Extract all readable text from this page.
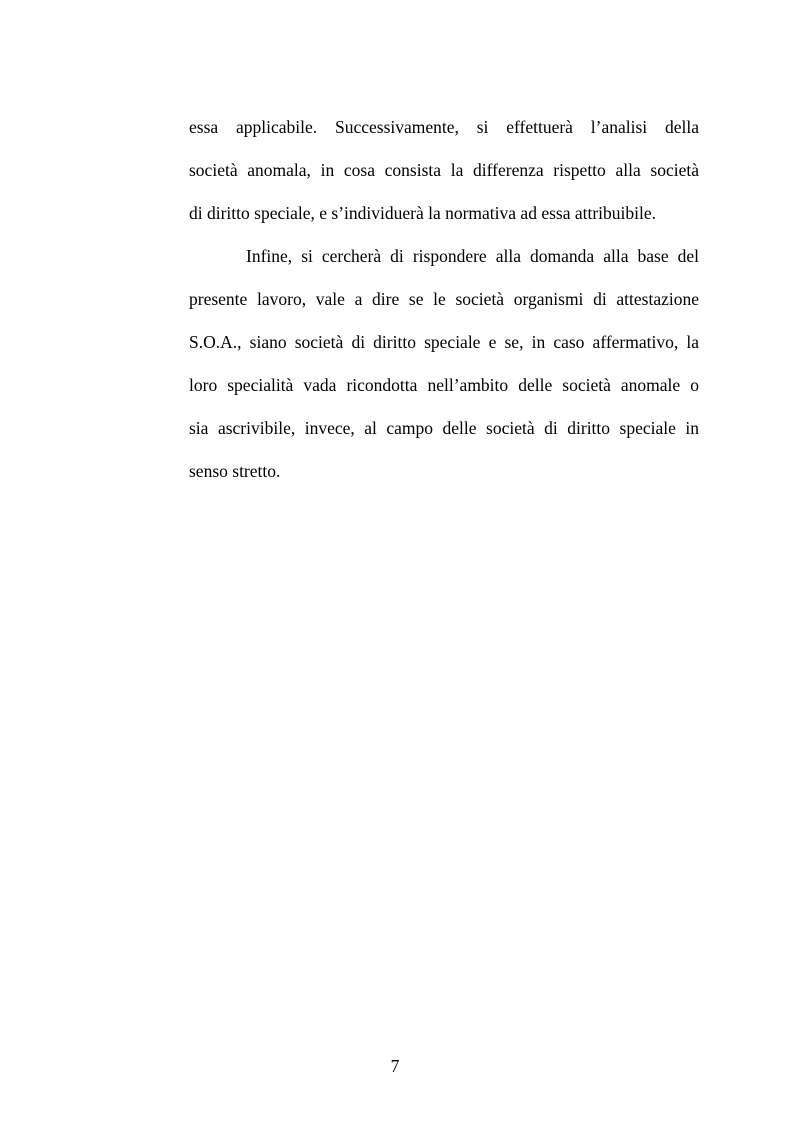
essa applicabile. Successivamente, si effettuerà l’analisi della
società anomala, in cosa consista la differenza rispetto alla società
di diritto speciale, e s’individuerà la normativa ad essa attribuibile.
Infine, si cercherà di rispondere alla domanda alla base del
presente lavoro, vale a dire se le società organismi di attestazione
S.O.A., siano società di diritto speciale e se, in caso affermativo, la
loro specialità vada ricondotta nell’ambito delle società anomale o
sia ascrivibile, invece, al campo delle società di diritto speciale in
senso stretto.
7
